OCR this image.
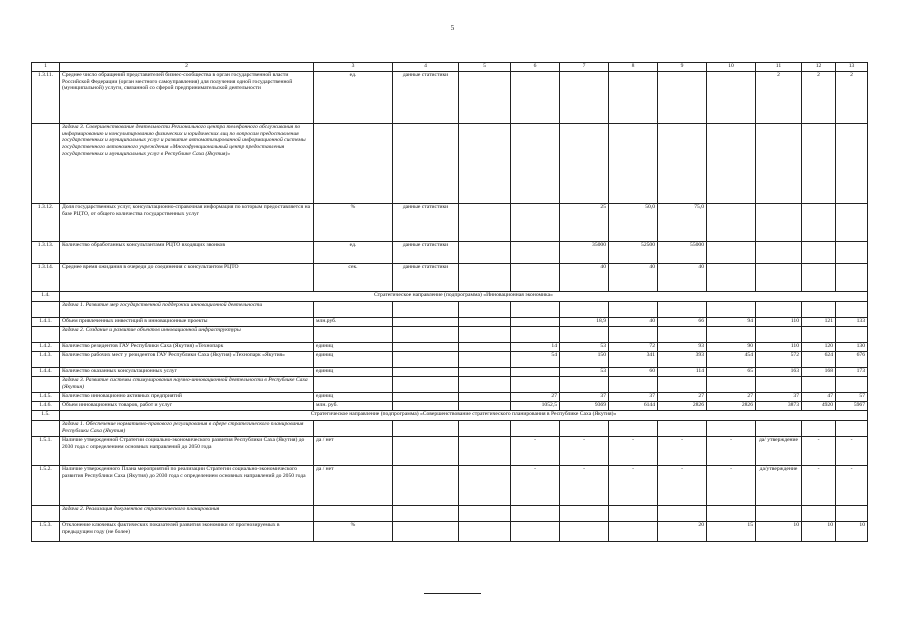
5
1	2	3	4	5	6	7	8	9	10	11	12	13
1.3.11.	Среднее число обращений представителей бизнес-сообщества в орган государственной власти Российской Федерации (орган местного самоуправления) для получения одной государственной (муниципальной) услуги, связанной со сферой предпринимательской деятельности	ед.	данные статистики							2	2	2
	Задача 3. Совершенствование деятельности Регионального центра телефонного обслуживания по информированию и консультированию физических и юридических лиц по вопросам предоставления государственных и муниципальных услуг и развитие автоматизированной информационной системы государственного автономного учреждения «Многофункциональный центр предоставления государственных и муниципальных услуг в Республике Саха (Якутия)»											
1.3.12.	Доля государственных услуг, консультационно-справочная информация по которым предоставляется на базе РЦТО, от общего количества государственных услуг	%	данные статистики			25	50,0	75,0				
1.3.13.	Количество обработанных консультантами РЦТО входящих звонков	ед.	данные статистики			35000	52500	55000				
1.3.14.	Среднее время ожидания в очереди до соединения с консультантом РЦТО	сек.	данные статистики			40	40	40				
1.4.	Стратегическое направление (подпрограмма) «Инновационная экономика»											
	Задача 1. Развитие мер государственной поддержки инновационной деятельности											
1.4.1.	Объем привлеченных инвестиций в инновационные проекты	млн.руб.				18,9	40	66	94	110	121	133
	Задача 2. Создание и развитие объектов инновационной инфраструктуры											
1.4.2.	Количество резидентов ГАУ Республики Саха (Якутия) «Технопарк	единиц			14	53	72	93	90	110	120	130
1.4.3.	Количество рабочих мест у резидентов ГАУ Республики Саха (Якутия) «Технопарк «Якутия»	единиц			54	150	341	393	454	572	624	676
1.4.4.	Количество оказанных консультационных услуг	единиц				53	60	114	65	163	168	173
	Задача 3. Развитие системы стимулирования научно-инновационной деятельности в Республике Саха (Якутия)											
1.4.5.	Количество инновационно активных предприятий	единиц			27	37	37	27	27	37	47	57
1.4.6.	Объем инновационных товаров, работ и услуг	млн. руб.			1052,5	9369	6144	2826	2826	3873	4920	5967
1.5.	Стратегическое направление (подпрограмма) «Совершенствование стратегического планирования в Республике Саха (Якутия)»											
	Задача 1. Обеспечение нормативно-правового регулирования в сфере стратегического планирования Республики Саха (Якутия)											
1.5.1.	Наличие утвержденной Стратегии социально-экономического развития Республики Саха (Якутия) до 2030 года с определением основных направлений до 2050 года	да / нет			-	-	-	-	-	да/ утверждение	-	-
1.5.2.	Наличие утвержденного Плана мероприятий по реализации Стратегии социально-экономического развития Республики Саха (Якутия) до 2030 года с определением основных направлений до 2050 года	да / нет			-	-	-	-	-	да/утверждение	-	-
	Задача 2. Реализация документов стратегического планирования											
1.5.3.	Отклонение ключевых фактических показателей развития экономики от прогнозируемых в предыдущем году (не более)	%						20	15	10	10	10
